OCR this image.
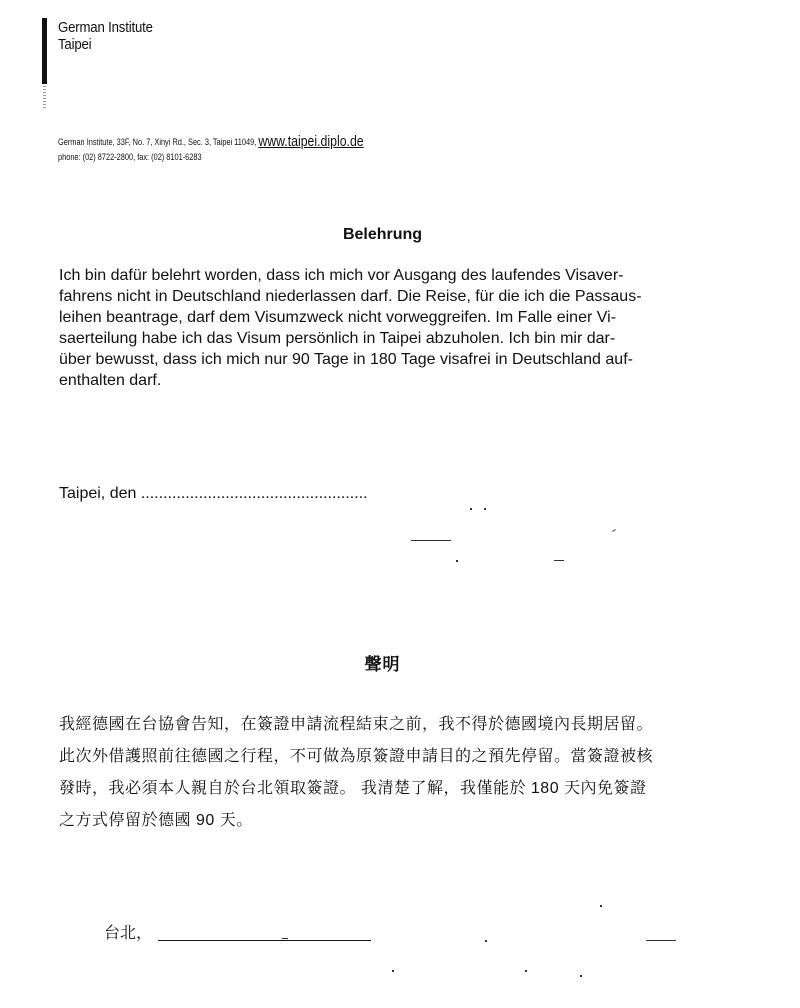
German Institute
Taipei
German Institute, 33F, No. 7, Xinyi Rd., Sec. 3, Taipei 11049, www.taipei.diplo.de
phone: (02) 8722-2800, fax: (02) 8101-6283
Belehrung
Ich bin dafür belehrt worden, dass ich mich vor Ausgang des laufendes Visaver-
fahrens nicht in Deutschland niederlassen darf. Die Reise, für die ich die Passaus-
leihen beantrage, darf dem Visumzweck nicht vorweggreifen. Im Falle einer Vi-
saerteilung habe ich das Visum persönlich in Taipei abzuholen. Ich bin mir dar-
über bewusst, dass ich mich nur 90 Tage in 180 Tage visafrei in Deutschland auf-
enthalten darf.
Taipei, den ...................................................
聲明
我經德國在台協會告知，在簽證申請流程結束之前，我不得於德國境內長期居留。
此次外借護照前往德國之行程，不可做為原簽證申請目的之預先停留。當簽證被核
發時，我必須本人親自於台北領取簽證。 我清楚了解，我僅能於 180 天內免簽證
之方式停留於德國 90 天。
台北，
